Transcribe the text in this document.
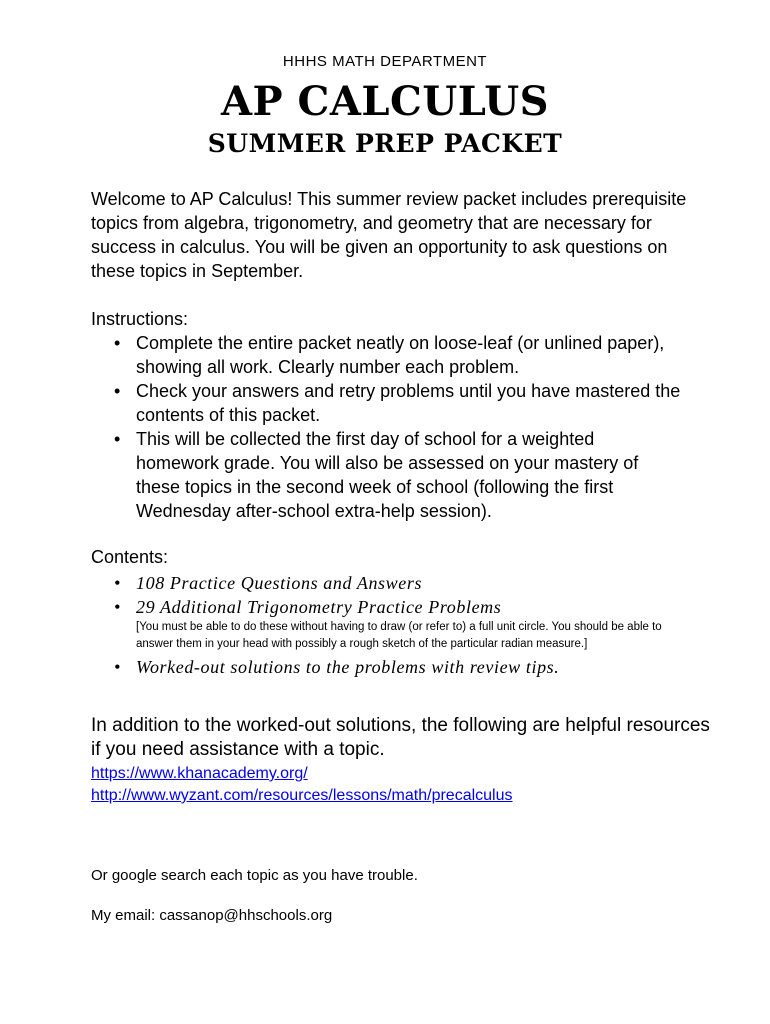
HHHS MATH DEPARTMENT
AP CALCULUS
SUMMER PREP PACKET

Welcome to AP Calculus! This summer review packet includes prerequisite topics from algebra, trigonometry, and geometry that are necessary for success in calculus. You will be given an opportunity to ask questions on these topics in September.

Instructions:
• Complete the entire packet neatly on loose-leaf (or unlined paper), showing all work. Clearly number each problem.
• Check your answers and retry problems until you have mastered the contents of this packet.
• This will be collected the first day of school for a weighted homework grade. You will also be assessed on your mastery of these topics in the second week of school (following the first Wednesday after-school extra-help session).
Contents:
• 108 Practice Questions and Answers
• 29 Additional Trigonometry Practice Problems
[You must be able to do these without having to draw (or refer to) a full unit circle. You should be able to answer them in your head with possibly a rough sketch of the particular radian measure.]
• Worked-out solutions to the problems with review tips.
In addition to the worked-out solutions, the following are helpful resources if you need assistance with a topic.
https://www.khanacademy.org/
http://www.wyzant.com/resources/lessons/math/precalculus
Or google search each topic as you have trouble.
My email: cassanop@hhschools.org
